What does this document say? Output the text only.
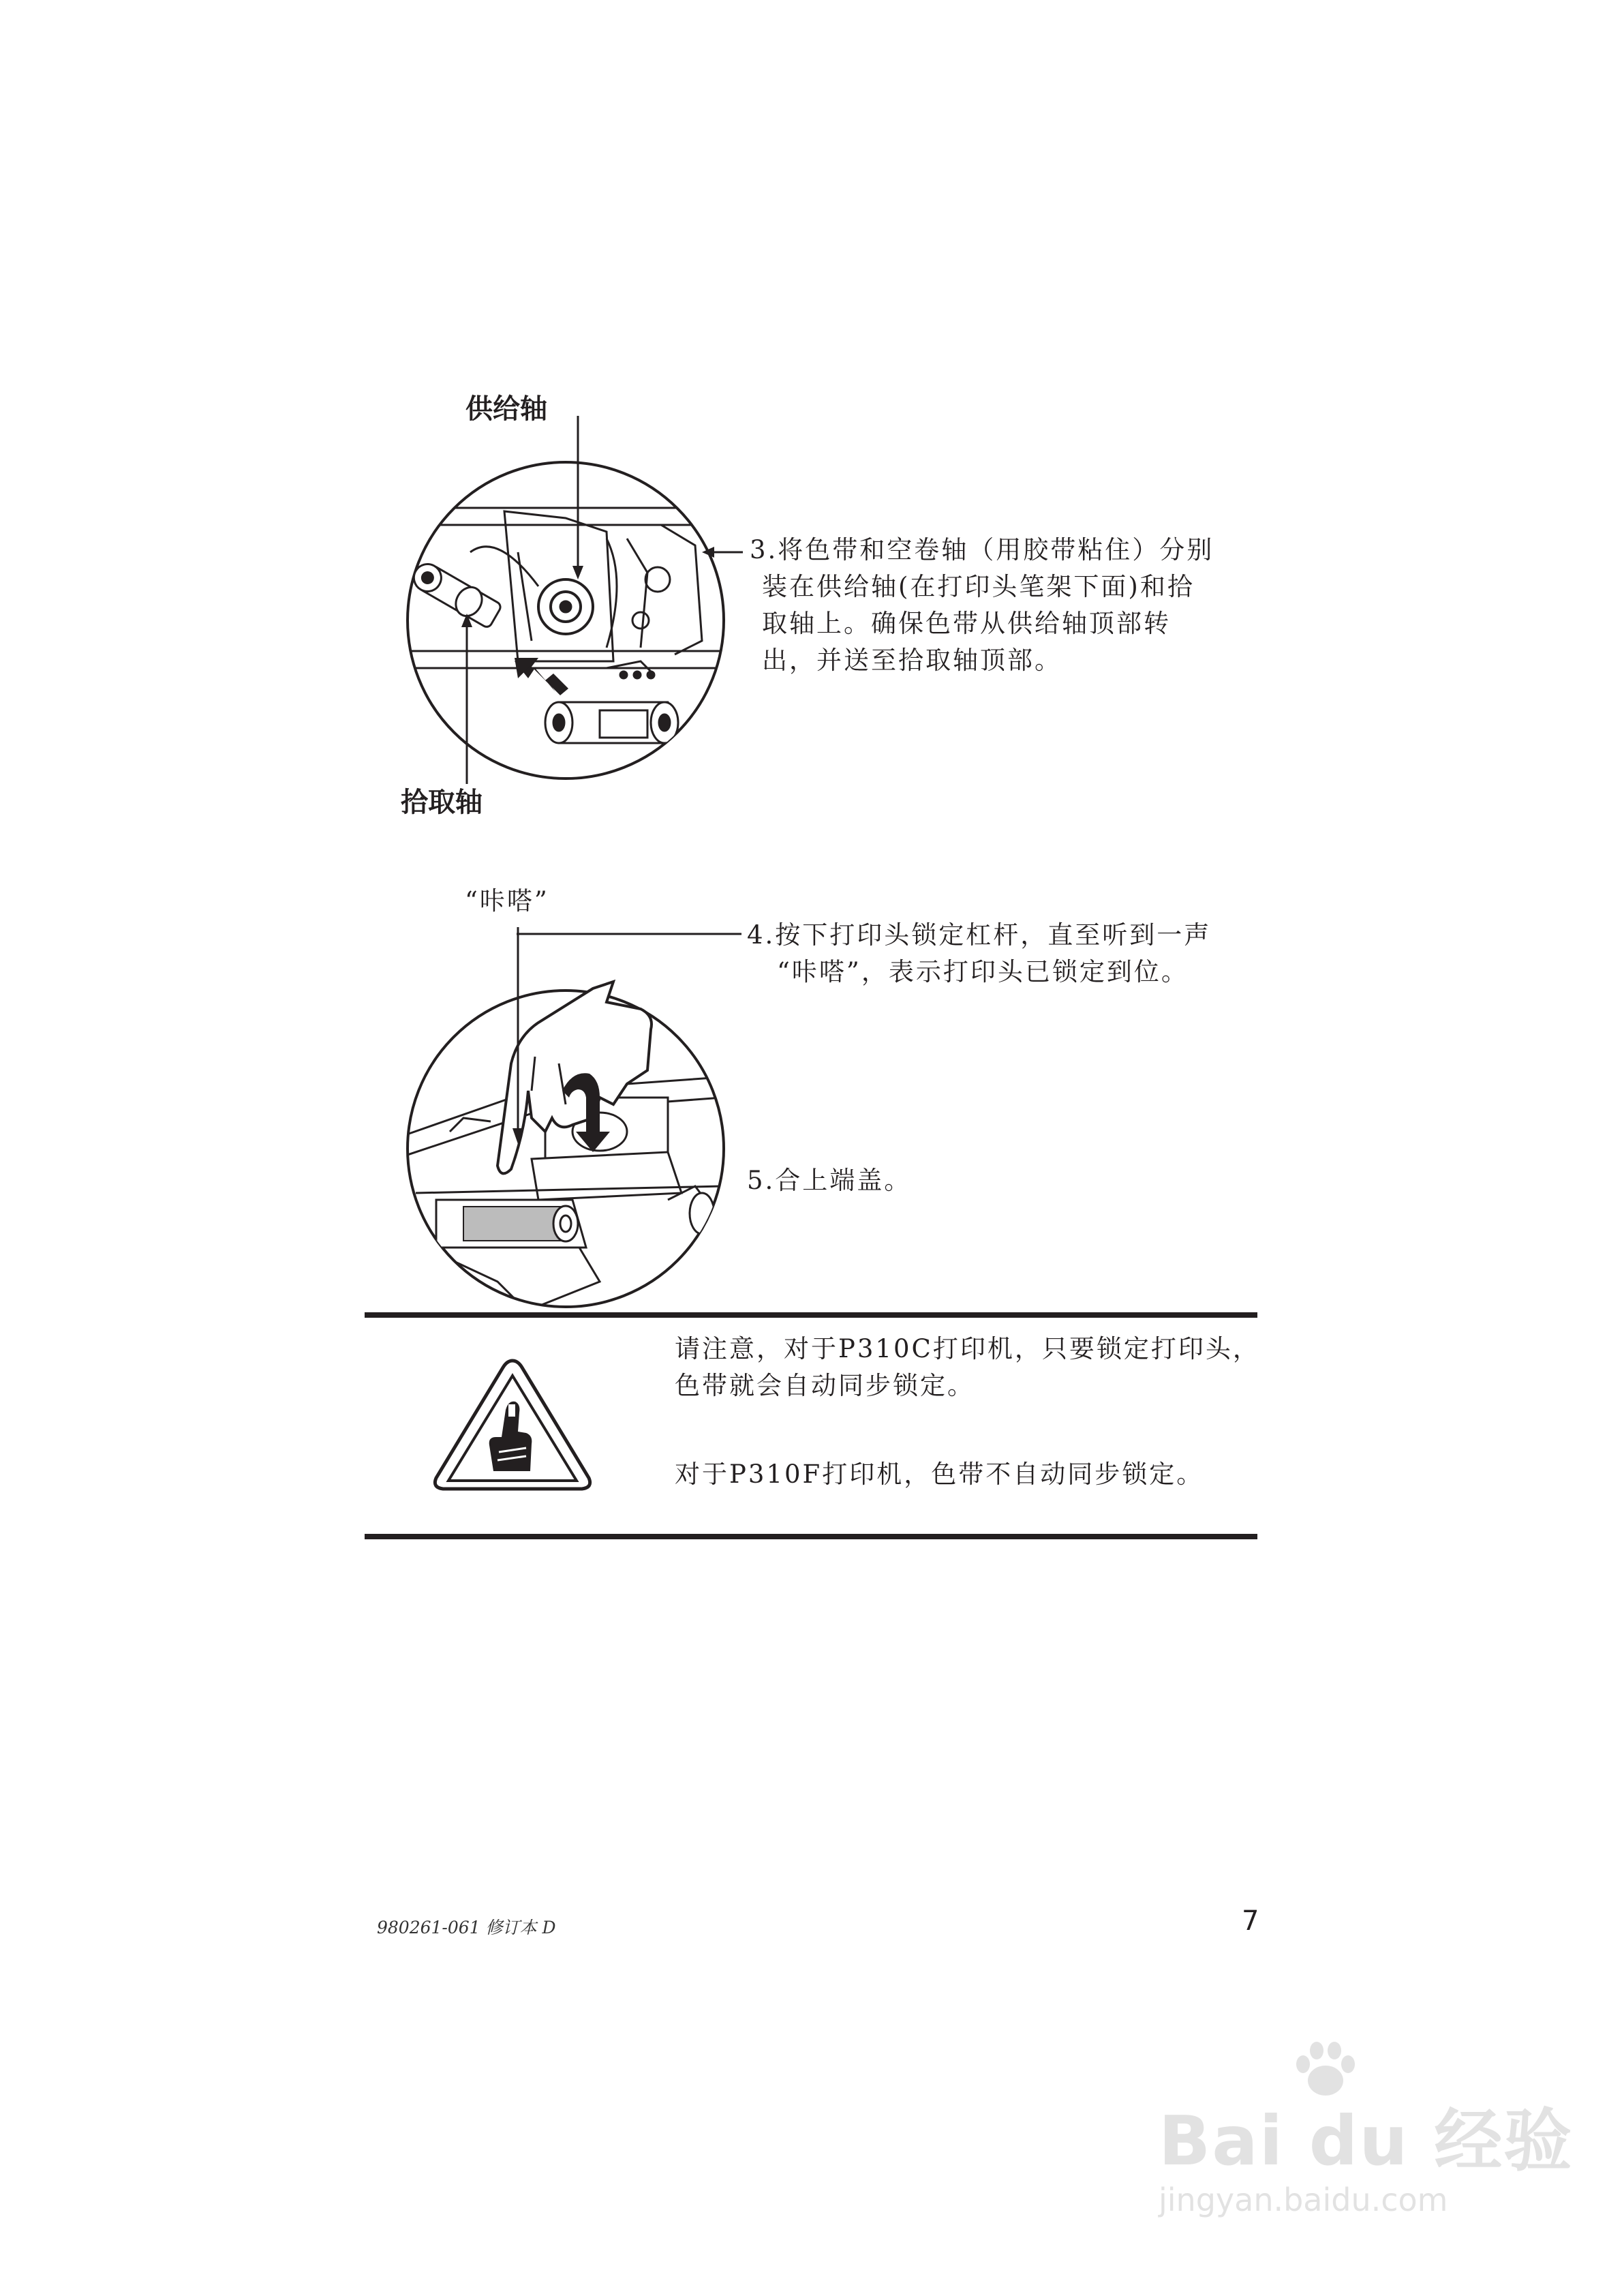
供给轴
拾取轴
3.将色带和空卷轴（用胶带粘住）分别
装在供给轴(在打印头笔架下面)和拾
取轴上。确保色带从供给轴顶部转
出，并送至拾取轴顶部。
“咔嗒”
4.按下打印头锁定杠杆，直至听到一声
“咔嗒”，表示打印头已锁定到位。
5.合上端盖。
请注意，对于P310C打印机，只要锁定打印头，
色带就会自动同步锁定。
对于P310F打印机，色带不自动同步锁定。
980261-061 修订本 D	7
Bai du 经验
jingyan.baidu.com
